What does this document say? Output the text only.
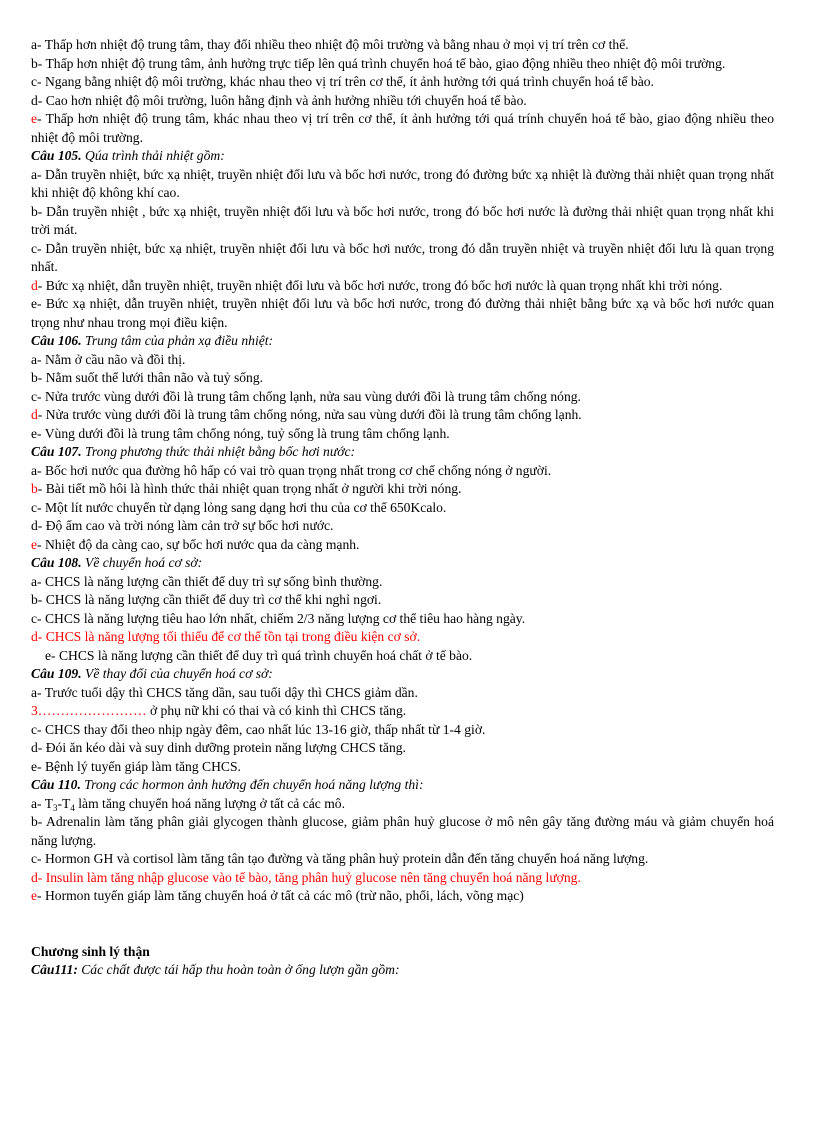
a- Thấp hơn nhiệt độ trung tâm, thay đổi nhiều theo nhiệt độ môi trường và bằng nhau ở mọi vị trí trên cơ thể.

b- Thấp hơn nhiệt độ trung tâm, ảnh hưởng trực tiếp lên quá trình chuyển hoá tế bào, giao động nhiều theo nhiệt độ môi trường.

c- Ngang bằng nhiệt độ môi trường, khác nhau theo vị trí trên cơ thể, ít ảnh hưởng tới quá trình chuyển hoá tế bào.

d- Cao hơn nhiệt độ môi trường, luôn hằng định và ảnh hưởng nhiều tới chuyển hoá tế bào.

e- Thấp hơn nhiệt độ trung tâm, khác nhau theo vị trí trên cơ thể, ít ảnh hưởng tới quá trính chuyển hoá tế bào, giao động nhiều theo nhiệt độ môi trường.

Câu 105. Qúa trình thải nhiệt gồm:

a- Dẫn truyền nhiệt, bức xạ nhiệt, truyền nhiệt đối lưu và bốc hơi nước, trong đó đường bức xạ nhiệt là đường thải nhiệt quan trọng nhất khi nhiệt độ không khí cao.

b- Dẫn truyền nhiệt , bức xạ nhiệt, truyền nhiệt đối lưu và bốc hơi nước, trong đó bốc hơi nước là đường thải nhiệt quan trọng nhất khi trời mát.

c- Dẫn truyền nhiệt, bức xạ nhiệt, truyền nhiệt đối lưu và bốc hơi nước, trong đó dẫn truyền nhiệt và truyền nhiệt đối lưu là quan trọng nhất.

d- Bức xạ nhiệt, dẫn truyền nhiệt, truyền nhiệt đối lưu và bốc hơi nước, trong đó bốc hơi nước là quan trọng nhất khi trời nóng.

e- Bức xạ nhiệt, dẫn truyền nhiệt, truyền nhiệt đối lưu và bốc hơi nước, trong đó đường thải nhiệt bằng bức xạ và bốc hơi nước quan trọng như nhau trong mọi điều kiện.

Câu 106. Trung tâm của phản xạ điều nhiệt:

a- Nằm ở cầu não và đồi thị.

b- Nằm suốt thể lưới thân não và tuỷ sống.

c- Nửa trước vùng dưới đồi là trung tâm chống lạnh, nửa sau vùng dưới đồi là trung tâm chống nóng.

d- Nửa trước vùng dưới đồi là trung tâm chống nóng, nửa sau vùng dưới đồi là trung tâm chống lạnh.

e- Vùng dưới đồi là trung tâm chống nóng, tuỷ sống là trung tâm chống lạnh.

Câu 107. Trong phương thức thải nhiệt bằng bốc hơi nước:

a- Bốc hơi nước qua đường hô hấp có vai trò quan trọng nhất trong cơ chế chống nóng ở người.

b- Bài tiết mồ hôi là hình thức thải nhiệt quan trọng nhất ở người khi trời nóng.

c- Một lít nước chuyển từ dạng lỏng sang dạng hơi thu của cơ thể 650Kcalo.

d- Độ ẩm cao và trời nóng làm cản trở sự bốc hơi nước.

e- Nhiệt độ da càng cao, sự bốc hơi nước qua da càng mạnh.

Câu 108. Về chuyển hoá cơ sở:

a- CHCS là năng lượng cần thiết để duy trì sự sống bình thường.

b- CHCS là năng lượng cần thiết để duy trì cơ thể khi nghỉ ngơi.

c- CHCS là năng lượng tiêu hao lớn nhất, chiếm 2/3 năng lượng cơ thể tiêu hao hàng ngày.

d- CHCS là năng lượng tối thiểu để cơ thể tồn tại trong điều kiện cơ sở.

e- CHCS là năng lượng cần thiết để duy trì quá trình chuyển hoá chất ở tế bào.

Câu 109. Về thay đổi của chuyển hoá cơ sở:

a- Trước tuổi dậy thì CHCS tăng dần, sau tuổi dậy thì CHCS giảm dần.

3…………………… ở phụ nữ khi có thai và có kinh thì CHCS tăng.

c- CHCS thay đổi theo nhịp ngày đêm, cao nhất lúc 13-16 giờ, thấp nhất từ 1-4 giờ.

d- Đói ăn kéo dài và suy dinh dưỡng protein năng lượng CHCS tăng.

e- Bệnh lý tuyến giáp làm tăng CHCS.

Câu 110. Trong các hormon ảnh hưởng đến chuyển hoá năng lượng thì:

a- $T_3-T_4$ làm tăng chuyển hoá năng lượng ở tất cả các mô.

b- Adrenalin làm tăng phân giải glycogen thành glucose, giảm phân huỷ glucose ở mô nên gây tăng đường máu và giảm chuyển hoá năng lượng.

c- Hormon GH và cortisol làm tăng tân tạo đường và tăng phân huỷ protein dẫn đến tăng chuyển hoá năng lượng.

d- Insulin làm tăng nhập glucose vào tế bào, tăng phân huỷ glucose nên tăng chuyển hoá năng lượng.

e- Hormon tuyến giáp làm tăng chuyển hoá ở tất cả các mô (trừ não, phổi, lách, võng mạc)

Chương sinh lý thận

Câu111: Các chất được tái hấp thu hoàn toàn ở ống lượn gần gồm:
